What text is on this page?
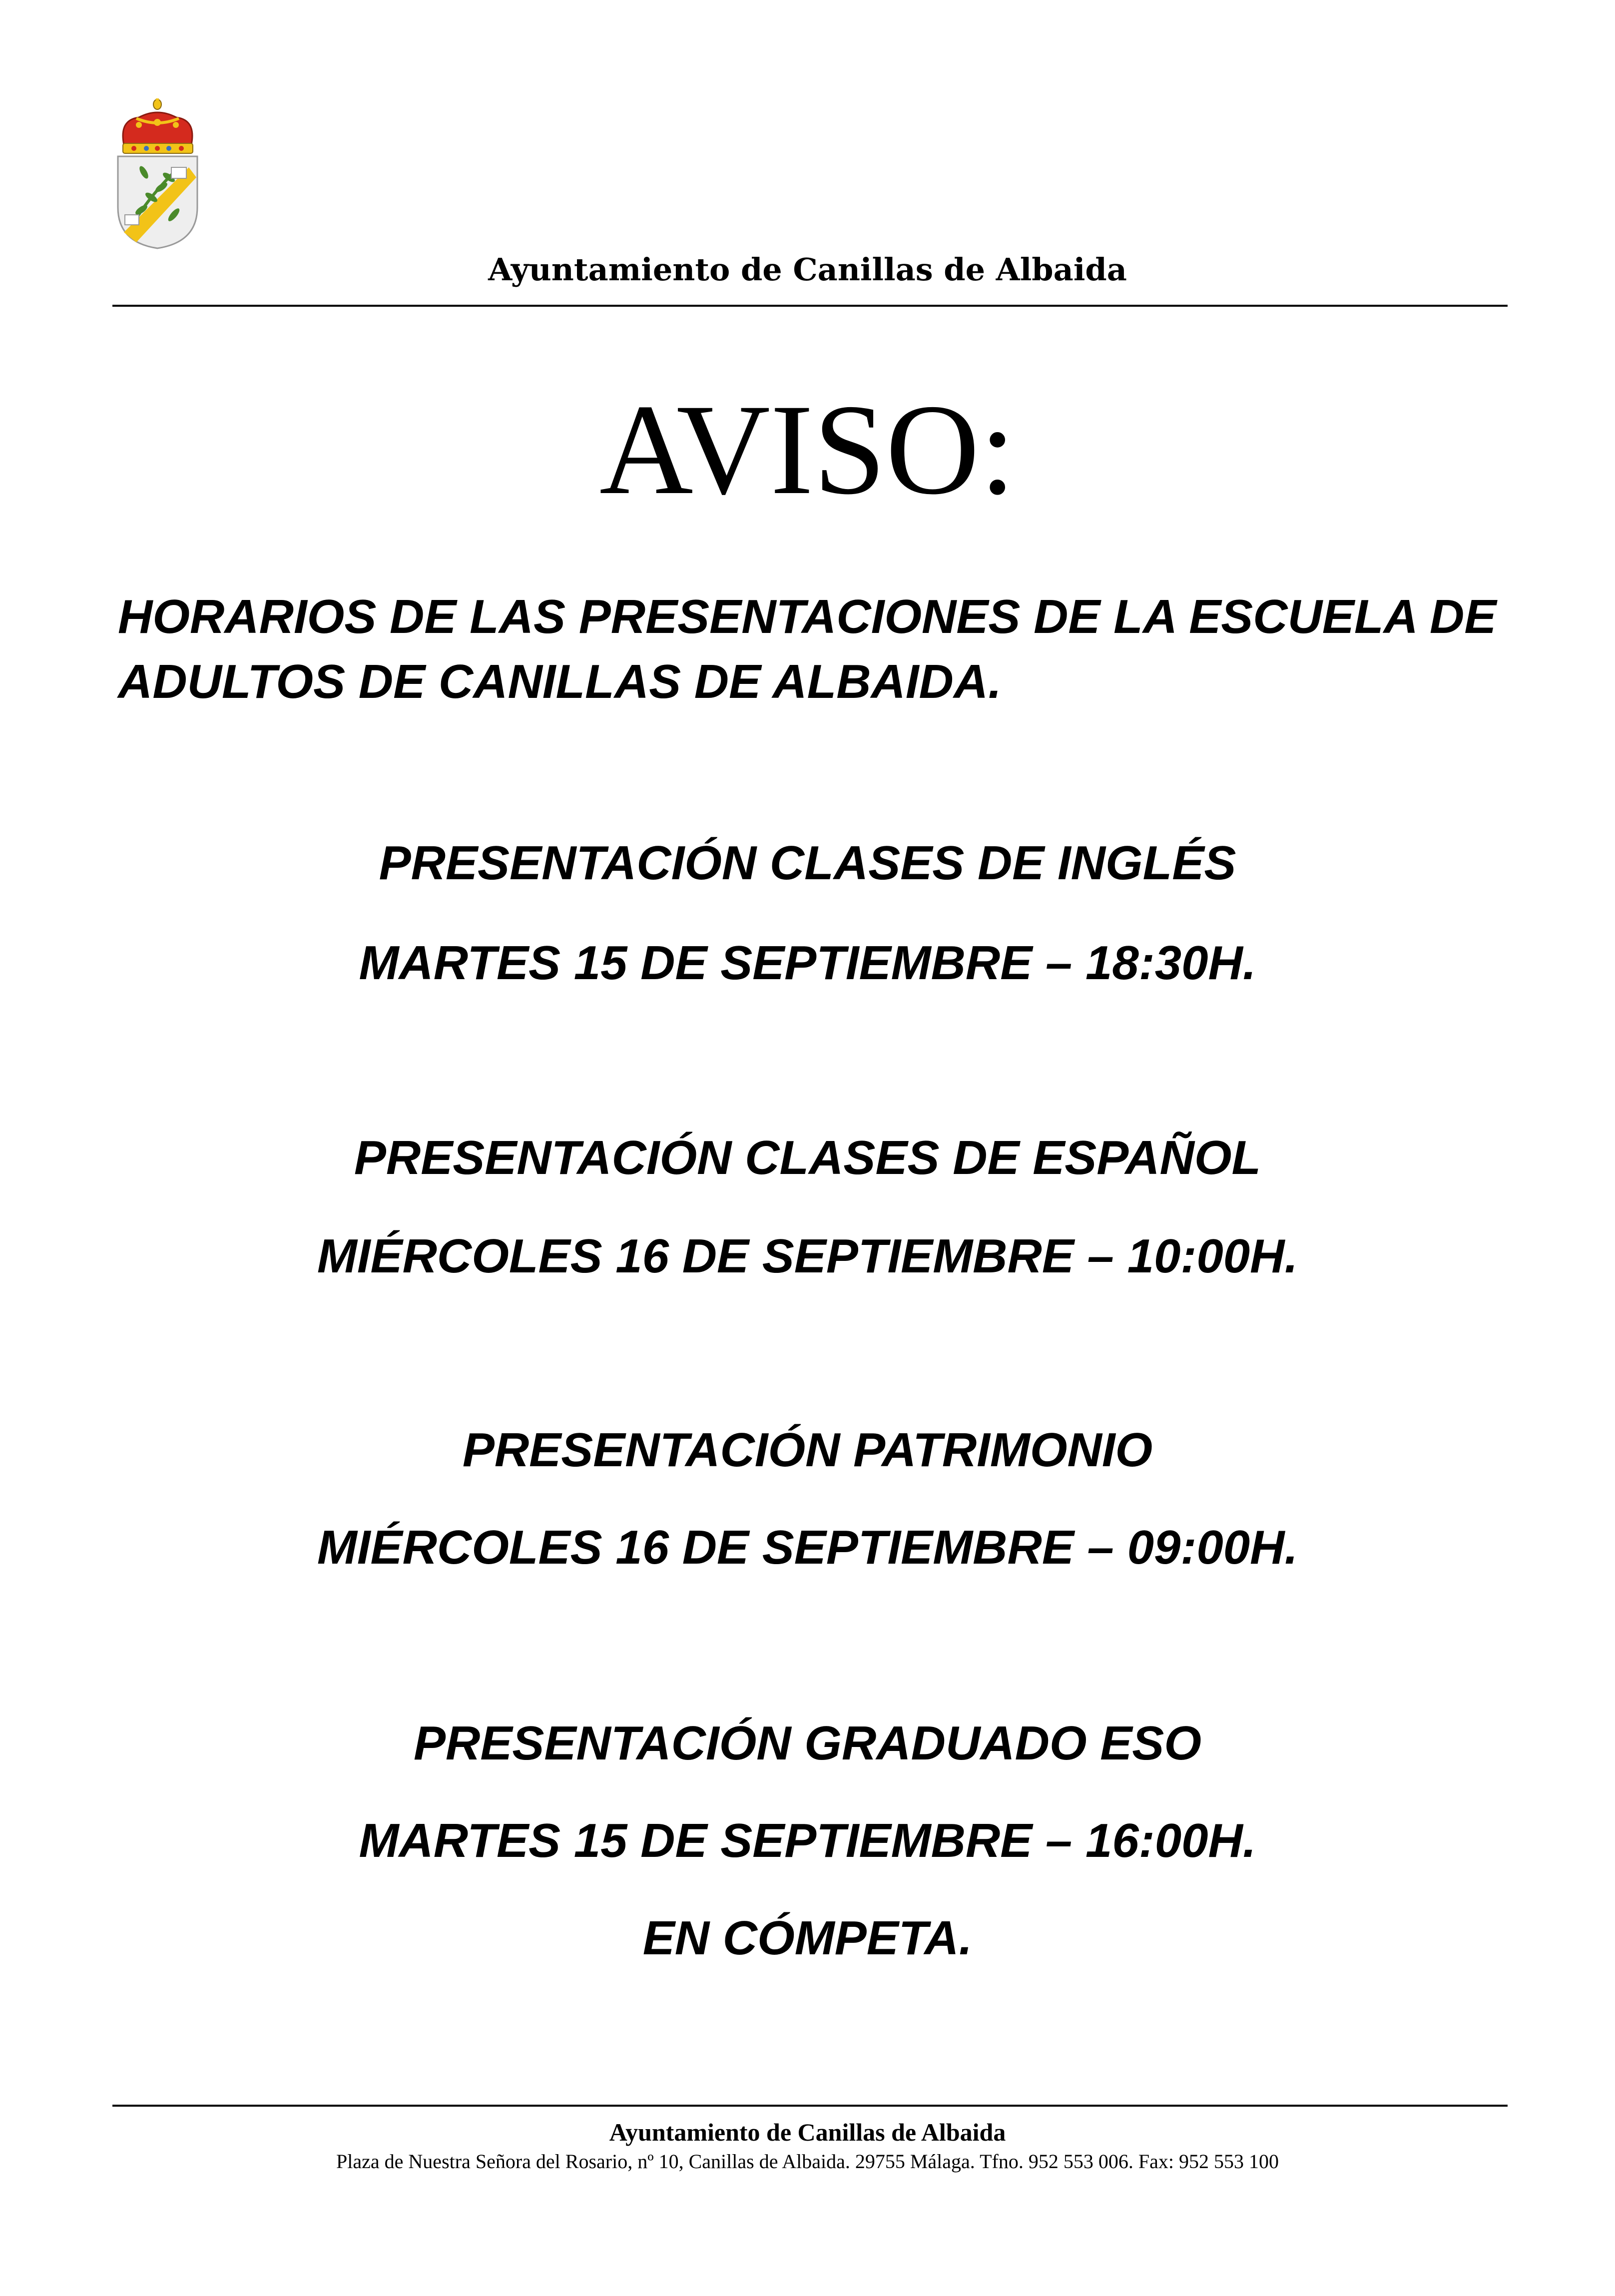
Ayuntamiento de Canillas de Albaida
AVISO:
HORARIOS DE LAS PRESENTACIONES DE LA ESCUELA DE ADULTOS DE CANILLAS DE ALBAIDA.
PRESENTACIÓN CLASES DE INGLÉS
MARTES 15 DE SEPTIEMBRE – 18:30H.
PRESENTACIÓN CLASES DE ESPAÑOL
MIÉRCOLES 16 DE SEPTIEMBRE – 10:00H.
PRESENTACIÓN PATRIMONIO
MIÉRCOLES 16 DE SEPTIEMBRE – 09:00H.
PRESENTACIÓN GRADUADO ESO
MARTES 15 DE SEPTIEMBRE – 16:00H.
EN CÓMPETA.
Ayuntamiento de Canillas de Albaida
Plaza de Nuestra Señora del Rosario, nº 10, Canillas de Albaida. 29755 Málaga. Tfno. 952 553 006. Fax: 952 553 100
